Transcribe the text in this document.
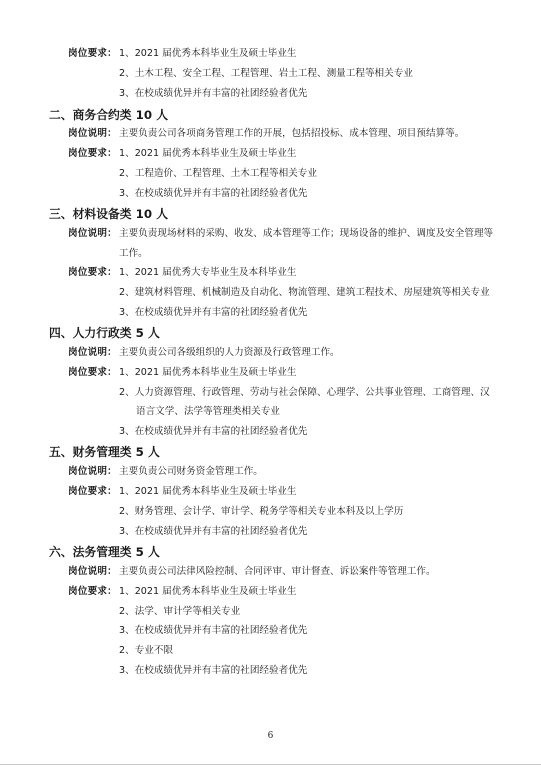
岗位要求： 1、2021 届优秀本科毕业生及硕士毕业生
2、土木工程、安全工程、工程管理、岩土工程、测量工程等相关专业
3、在校成绩优异并有丰富的社团经验者优先
二、商务合约类 10 人
岗位说明： 主要负责公司各项商务管理工作的开展，包括招投标、成本管理、项目预结算等。
岗位要求： 1、2021 届优秀本科毕业生及硕士毕业生
2、工程造价、工程管理、土木工程等相关专业
3、在校成绩优异并有丰富的社团经验者优先
三、材料设备类 10 人
岗位说明： 主要负责现场材料的采购、收发、成本管理等工作；现场设备的维护、调度及安全管理等
工作。
岗位要求： 1、2021 届优秀大专毕业生及本科毕业生
2、建筑材料管理、机械制造及自动化、物流管理、建筑工程技术、房屋建筑等相关专业
3、在校成绩优异并有丰富的社团经验者优先
四、人力行政类 5 人
岗位说明： 主要负责公司各级组织的人力资源及行政管理工作。
岗位要求： 1、2021 届优秀本科毕业生及硕士毕业生
2、人力资源管理、行政管理、劳动与社会保障、心理学、公共事业管理、工商管理、汉
语言文学、法学等管理类相关专业
3、在校成绩优异并有丰富的社团经验者优先
五、财务管理类 5 人
岗位说明： 主要负责公司财务资金管理工作。
岗位要求： 1、2021 届优秀本科毕业生及硕士毕业生
2、财务管理、会计学、审计学、税务学等相关专业本科及以上学历
3、在校成绩优异并有丰富的社团经验者优先
六、法务管理类 5 人
岗位说明： 主要负责公司法律风险控制、合同评审、审计督查、诉讼案件等管理工作。
岗位要求： 1、2021 届优秀本科毕业生及硕士毕业生
2、法学、审计学等相关专业
3、在校成绩优异并有丰富的社团经验者优先
2、专业不限
3、在校成绩优异并有丰富的社团经验者优先
6
